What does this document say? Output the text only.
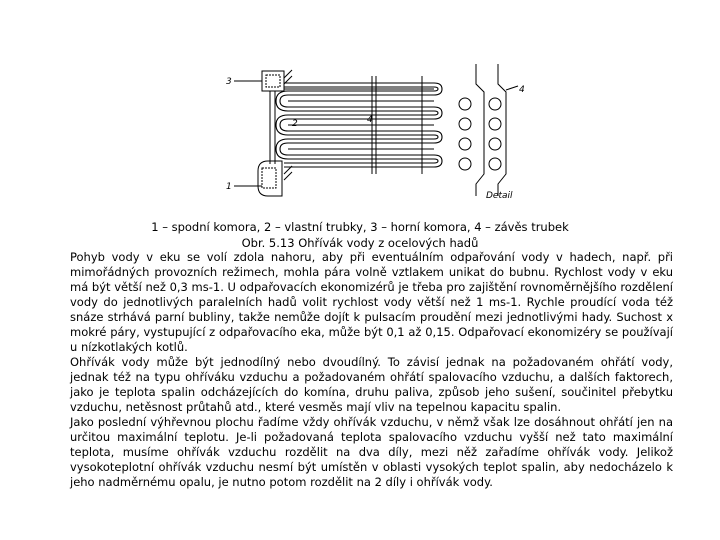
3
2	4
1
4
Detail
1 – spodní komora, 2 – vlastní trubky, 3 – horní komora, 4 – závěs trubek
Obr. 5.13 Ohřívák vody z ocelových hadů

Pohyb vody v eku se volí zdola nahoru, aby při eventuálním odpařování vody v hadech, např. při mimořádných provozních režimech, mohla pára volně vztlakem unikat do bubnu. Rychlost vody v eku má být větší než 0,3 ms-1. U odpařovacích ekonomizérů je třeba pro zajištění rovnoměrnějšího rozdělení vody do jednotlivých paralelních hadů volit rychlost vody větší než 1 ms-1. Rychle proudící voda též snáze strhává parní bubliny, takže nemůže dojít k pulsacím proudění mezi jednotlivými hady. Suchost x mokré páry, vystupující z odpařovacího eka, může být 0,1 až 0,15. Odpařovací ekonomizéry se používají u nízkotlakých kotlů.

Ohřívák vody může být jednodílný nebo dvoudílný. To závisí jednak na požadovaném ohřátí vody, jednak též na typu ohříváku vzduchu a požadovaném ohřátí spalovacího vzduchu, a dalších faktorech, jako je teplota spalin odcházejících do komína, druhu paliva, způsob jeho sušení, součinitel přebytku vzduchu, netěsnost průtahů atd., které vesměs mají vliv na tepelnou kapacitu spalin.

Jako poslední výhřevnou plochu řadíme vždy ohřívák vzduchu, v němž však lze dosáhnout ohřátí jen na určitou maximální teplotu. Je-li požadovaná teplota spalovacího vzduchu vyšší než tato maximální teplota, musíme ohřívák vzduchu rozdělit na dva díly, mezi něž zařadíme ohřívák vody. Jelikož vysokoteplotní ohřívák vzduchu nesmí být umístěn v oblasti vysokých teplot spalin, aby nedocházelo k jeho nadměrnému opalu, je nutno potom rozdělit na 2 díly i ohřívák vody.
